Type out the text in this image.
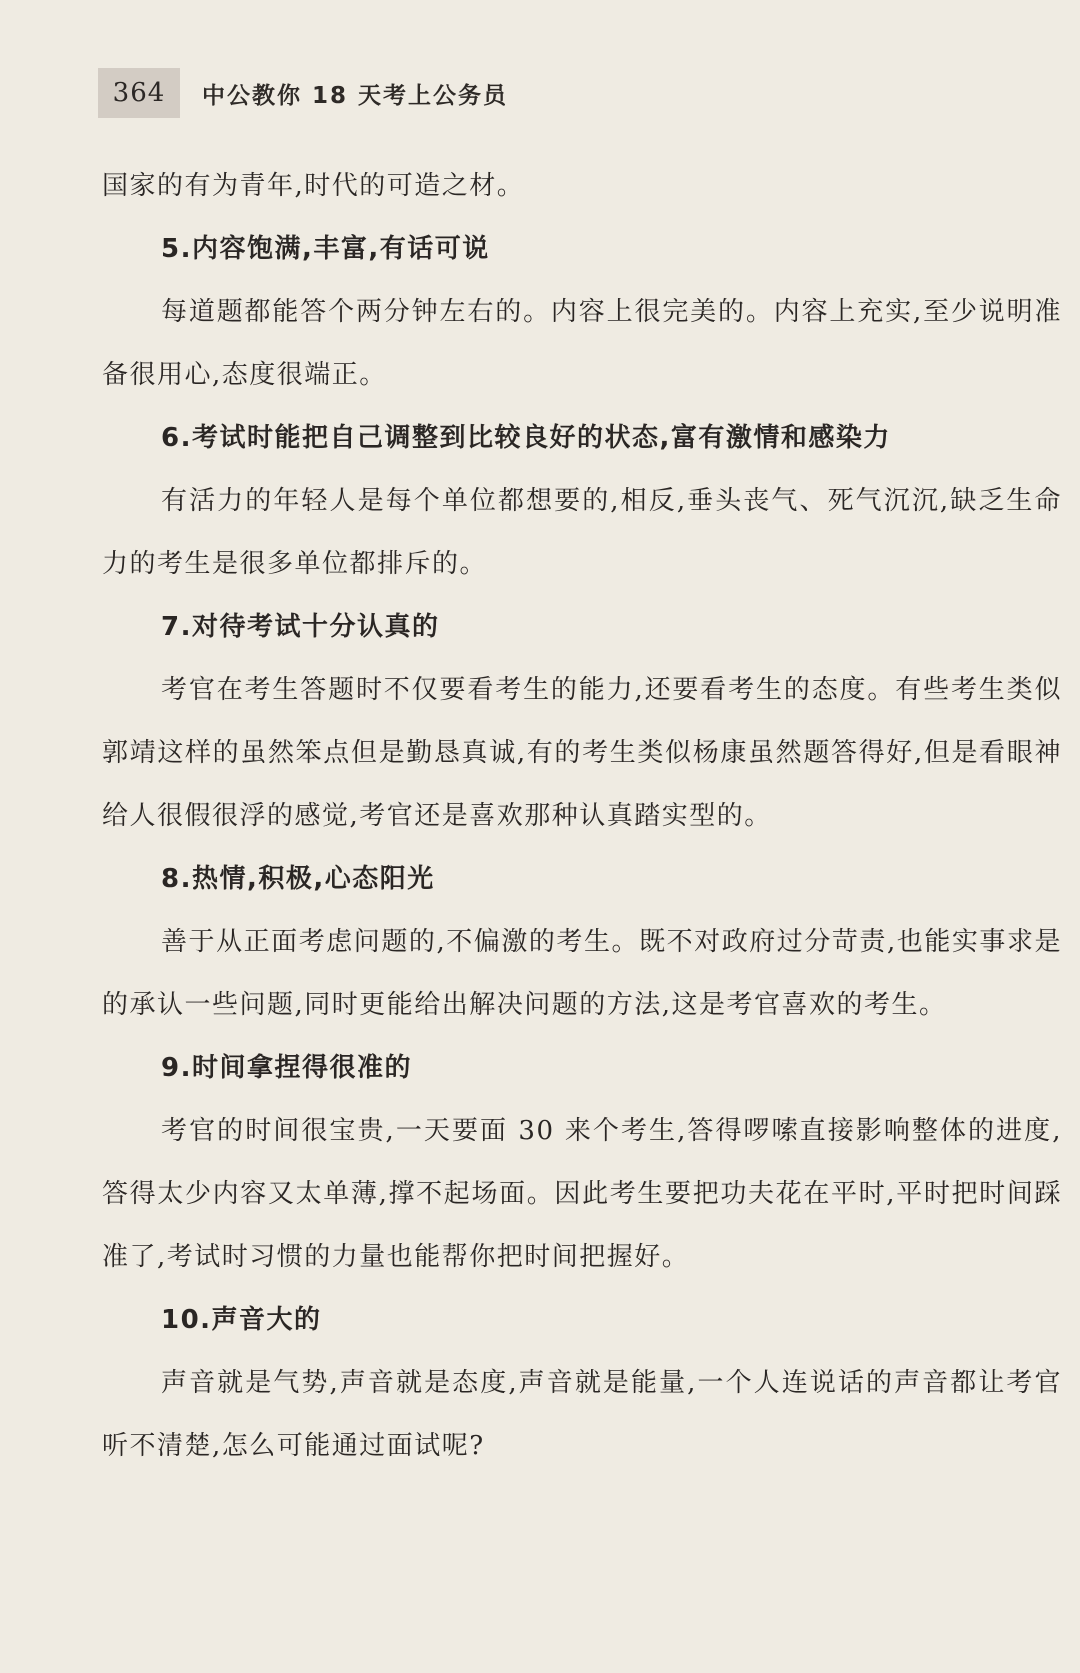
364	中公教你 18 天考上公务员

国家的有为青年,时代的可造之材。

5.内容饱满,丰富,有话可说

每道题都能答个两分钟左右的。内容上很完美的。内容上充实,至少说明准备很用心,态度很端正。

6.考试时能把自己调整到比较良好的状态,富有激情和感染力

有活力的年轻人是每个单位都想要的,相反,垂头丧气、死气沉沉,缺乏生命力的考生是很多单位都排斥的。

7.对待考试十分认真的

考官在考生答题时不仅要看考生的能力,还要看考生的态度。有些考生类似郭靖这样的虽然笨点但是勤恳真诚,有的考生类似杨康虽然题答得好,但是看眼神给人很假很浮的感觉,考官还是喜欢那种认真踏实型的。

8.热情,积极,心态阳光

善于从正面考虑问题的,不偏激的考生。既不对政府过分苛责,也能实事求是的承认一些问题,同时更能给出解决问题的方法,这是考官喜欢的考生。

9.时间拿捏得很准的

考官的时间很宝贵,一天要面 30 来个考生,答得啰嗦直接影响整体的进度,答得太少内容又太单薄,撑不起场面。因此考生要把功夫花在平时,平时把时间踩准了,考试时习惯的力量也能帮你把时间把握好。

10.声音大的

声音就是气势,声音就是态度,声音就是能量,一个人连说话的声音都让考官听不清楚,怎么可能通过面试呢?
